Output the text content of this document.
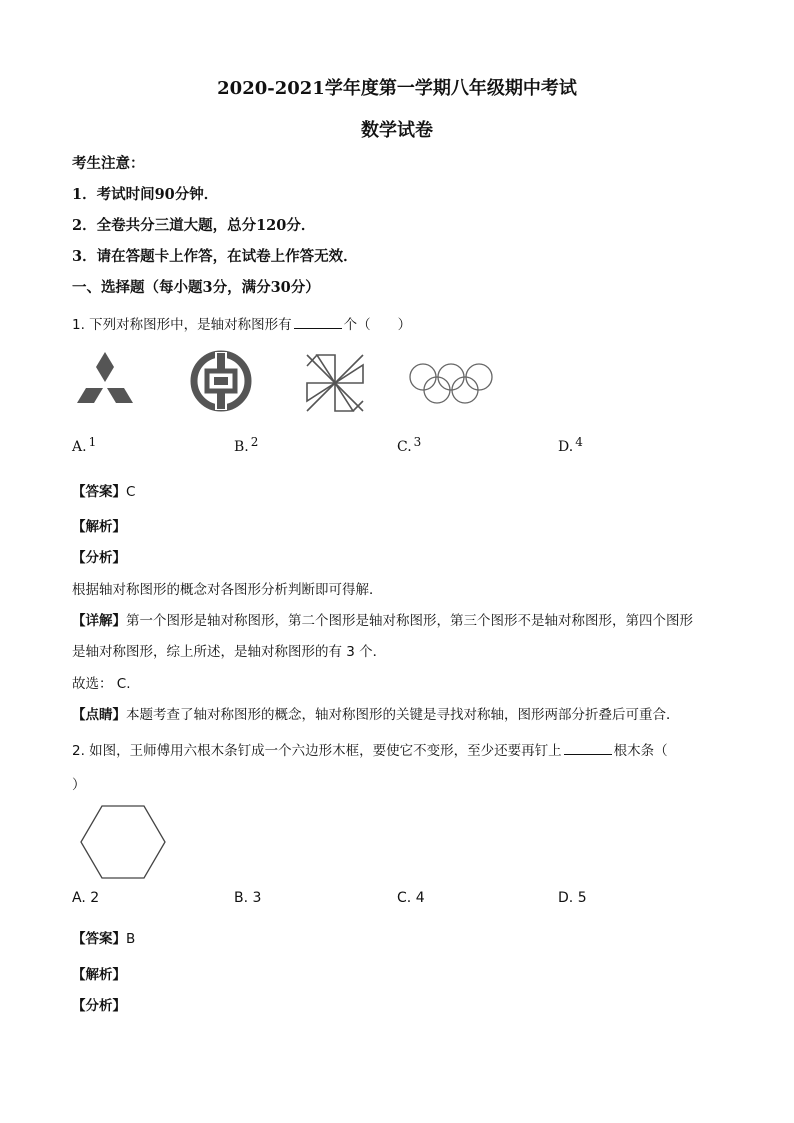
2020-2021学年度第一学期八年级期中考试
数学试卷
考生注意：
1．考试时间90分钟．
2．全卷共分三道大题，总分120分．
3．请在答题卡上作答，在试卷上作答无效．
一、选择题（每小题3分，满分30分）
1. 下列对称图形中，是轴对称图形有	个（　　）
A. 1	B. 2	C. 3	D. 4
【答案】C
【解析】
【分析】
根据轴对称图形的概念对各图形分析判断即可得解．
【详解】第一个图形是轴对称图形，第二个图形是轴对称图形，第三个图形不是轴对称图形，第四个图形
是轴对称图形，综上所述，是轴对称图形的有 3 个．
故选： C.
【点睛】本题考查了轴对称图形的概念，轴对称图形的关键是寻找对称轴，图形两部分折叠后可重合．
2. 如图，王师傅用六根木条钉成一个六边形木框，要使它不变形，至少还要再钉上	根木条（
）
A. 2	B. 3	C. 4	D. 5
【答案】B
【解析】
【分析】
